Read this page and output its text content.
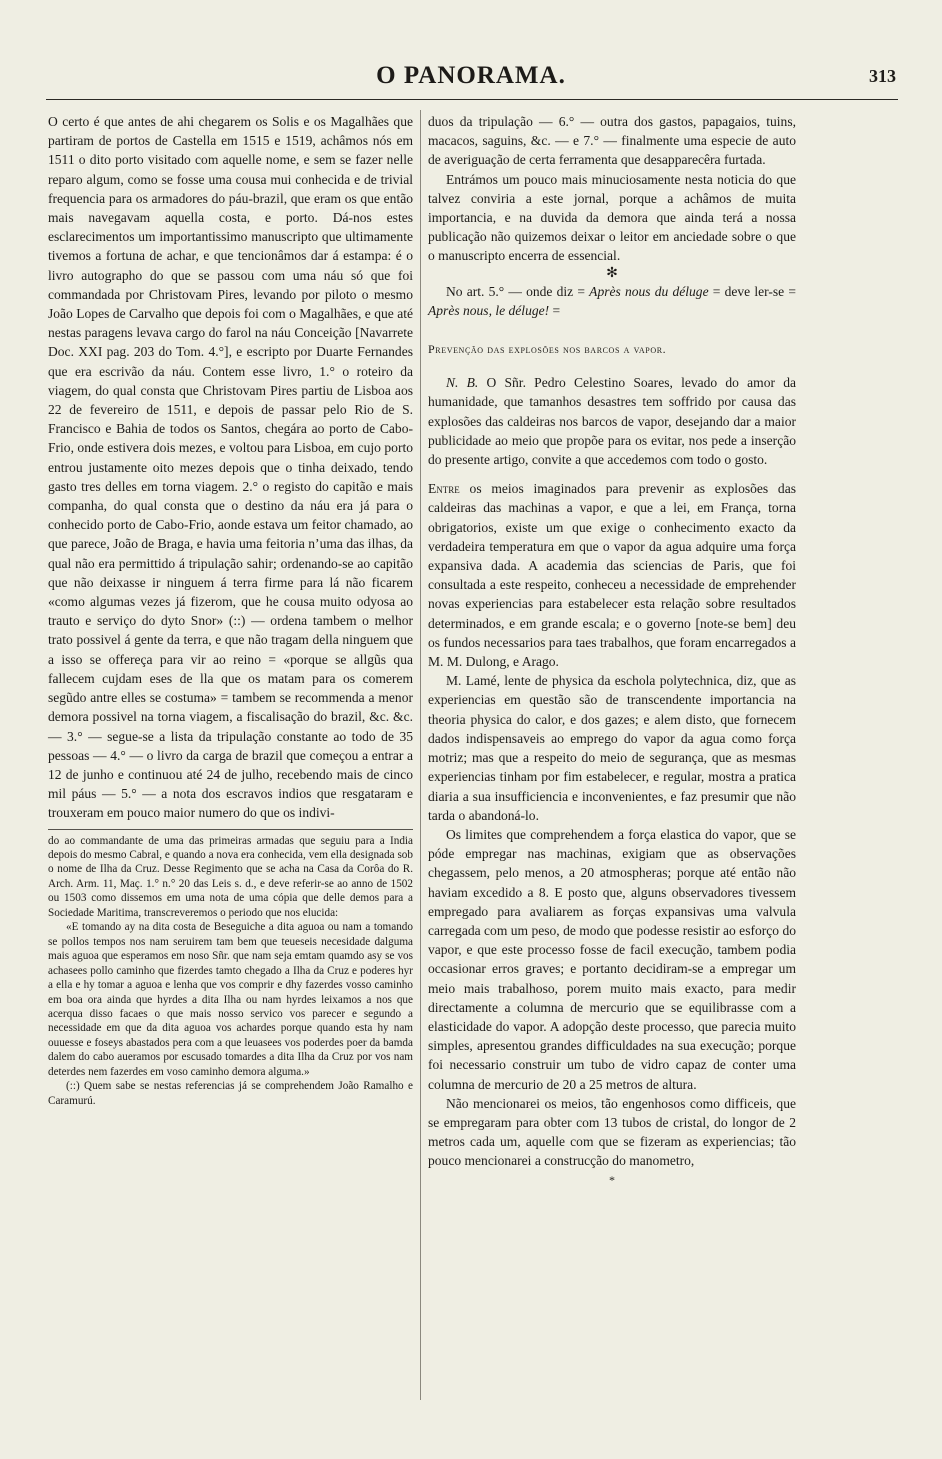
O PANORAMA.	313

O certo é que antes de ahi chegarem os Solis e os Magalhães que partiram de portos de Castella em 1515 e 1519, achâmos nós em 1511 o dito porto visitado com aquelle nome, e sem se fazer nelle reparo algum, como se fosse uma cousa mui conhecida e de trivial frequencia para os armadores do páu-brazil, que eram os que então mais navegavam aquella costa, e porto. Dá-nos estes esclarecimentos um importantissimo manuscripto que ultimamente tivemos a fortuna de achar, e que tencionâmos dar á estampa: é o livro autographo do que se passou com uma náu só que foi commandada por Christovam Pires, levando por piloto o mesmo João Lopes de Carvalho que depois foi com o Magalhães, e que até nestas paragens levava cargo do farol na náu Conceição [Navarrete Doc. XXI pag. 203 do Tom. 4.°], e escripto por Duarte Fernandes que era escrivão da náu. Contem esse livro, 1.° o roteiro da viagem, do qual consta que Christovam Pires partiu de Lisboa aos 22 de fevereiro de 1511, e depois de passar pelo Rio de S. Francisco e Bahia de todos os Santos, chegára ao porto de Cabo-Frio, onde estivera dois mezes, e voltou para Lisboa, em cujo porto entrou justamente oito mezes depois que o tinha deixado, tendo gasto tres delles em torna viagem. 2.° o registo do capitão e mais companha, do qual consta que o destino da náu era já para o conhecido porto de Cabo-Frio, aonde estava um feitor chamado, ao que parece, João de Braga, e havia uma feitoria n’uma das ilhas, da qual não era permittido á tripulação sahir; ordenando-se ao capitão que não deixasse ir ninguem á terra firme para lá não ficarem «como algumas vezes já fizerom, que he cousa muito odyosa ao trauto e serviço do dyto Snor» (::) — ordena tambem o melhor trato possivel á gente da terra, e que não tragam della ninguem que a isso se offereça para vir ao reino = «porque se allgũs qua fallecem cujdam eses de lla que os matam para os comerem segũdo antre elles se costuma» = tambem se recommenda a menor demora possivel na torna viagem, a fiscalisação do brazil, &c. &c. — 3.° — segue-se a lista da tripulação constante ao todo de 35 pessoas — 4.° — o livro da carga de brazil que começou a entrar a 12 de junho e continuou até 24 de julho, recebendo mais de cinco mil páus — 5.° — a nota dos escravos indios que resgataram e trouxeram em pouco maior numero do que os indivi-

do ao commandante de uma das primeiras armadas que seguiu para a India depois do mesmo Cabral, e quando a nova era conhecida, vem ella designada sob o nome de Ilha da Cruz. Desse Regimento que se acha na Casa da Corôa do R. Arch. Arm. 11, Maç. 1.° n.° 20 das Leis s. d., e deve referir-se ao anno de 1502 ou 1503 como dissemos em uma nota de uma cópia que delle demos para a Sociedade Maritima, transcreveremos o periodo que nos elucida:

«E tomando ay na dita costa de Beseguiche a dita aguoa ou nam a tomando se pollos tempos nos nam seruirem tam bem que teueseis necesidade dalguma mais aguoa que esperamos em noso Sñr. que nam seja emtam quamdo asy se vos achasees pollo caminho que fizerdes tamto chegado a Ilha da Cruz e poderes hyr a ella e hy tomar a aguoa e lenha que vos comprir e dhy fazerdes vosso caminho em boa ora ainda que hyrdes a dita Ilha ou nam hyrdes leixamos a nos que acerqua disso facaes o que mais nosso servico vos parecer e segundo a necessidade em que da dita aguoa vos achardes porque quando esta hy nam ouuesse e foseys abastados pera com a que leuasees vos poderdes poer da bamda dalem do cabo aueramos por escusado tomardes a dita Ilha da Cruz por vos nam deterdes nem fazerdes em voso caminho demora alguma.»

(::) Quem sabe se nestas referencias já se comprehendem João Ramalho e Caramurú.

duos da tripulação — 6.° — outra dos gastos, papagaios, tuins, macacos, saguins, &c. — e 7.° — finalmente uma especie de auto de averiguação de certa ferramenta que desapparecêra furtada.

Entrámos um pouco mais minuciosamente nesta noticia do que talvez conviria a este jornal, porque a achâmos de muita importancia, e na duvida da demora que ainda terá a nossa publicação não quizemos deixar o leitor em anciedade sobre o que o manuscripto encerra de essencial.

✻

No art. 5.° — onde diz = Après nous du déluge = deve ler-se = Après nous, le déluge! =

Prevenção das explosões nos barcos a vapor.

N. B. O Sñr. Pedro Celestino Soares, levado do amor da humanidade, que tamanhos desastres tem soffrido por causa das explosões das caldeiras nos barcos de vapor, desejando dar a maior publicidade ao meio que propõe para os evitar, nos pede a inserção do presente artigo, convite a que accedemos com todo o gosto.

Entre os meios imaginados para prevenir as explosões das caldeiras das machinas a vapor, e que a lei, em França, torna obrigatorios, existe um que exige o conhecimento exacto da verdadeira temperatura em que o vapor da agua adquire uma força expansiva dada. A academia das sciencias de Paris, que foi consultada a este respeito, conheceu a necessidade de emprehender novas experiencias para estabelecer esta relação sobre resultados determinados, e em grande escala; e o governo [note-se bem] deu os fundos necessarios para taes trabalhos, que foram encarregados a M. M. Dulong, e Arago.

M. Lamé, lente de physica da eschola polytechnica, diz, que as experiencias em questão são de transcendente importancia na theoria physica do calor, e dos gazes; e alem disto, que fornecem dados indispensaveis ao emprego do vapor da agua como força motriz; mas que a respeito do meio de segurança, que as mesmas experiencias tinham por fim estabelecer, e regular, mostra a pratica diaria a sua insufficiencia e inconvenientes, e faz presumir que não tarda o abandoná-lo.

Os limites que comprehendem a força elastica do vapor, que se póde empregar nas machinas, exigiam que as observações chegassem, pelo menos, a 20 atmospheras; porque até então não haviam excedido a 8. E posto que, alguns observadores tivessem empregado para avaliarem as forças expansivas uma valvula carregada com um peso, de modo que podesse resistir ao esforço do vapor, e que este processo fosse de facil execução, tambem podia occasionar erros graves; e portanto decidiram-se a empregar um meio mais trabalhoso, porem muito mais exacto, para medir directamente a columna de mercurio que se equilibrasse com a elasticidade do vapor. A adopção deste processo, que parecia muito simples, apresentou grandes difficuldades na sua execução; porque foi necessario construir um tubo de vidro capaz de conter uma columna de mercurio de 20 a 25 metros de altura.

Não mencionarei os meios, tão engenhosos como difficeis, que se empregaram para obter com 13 tubos de cristal, do longor de 2 metros cada um, aquelle com que se fizeram as experiencias; tão pouco mencionarei a construcção do manometro,

*
